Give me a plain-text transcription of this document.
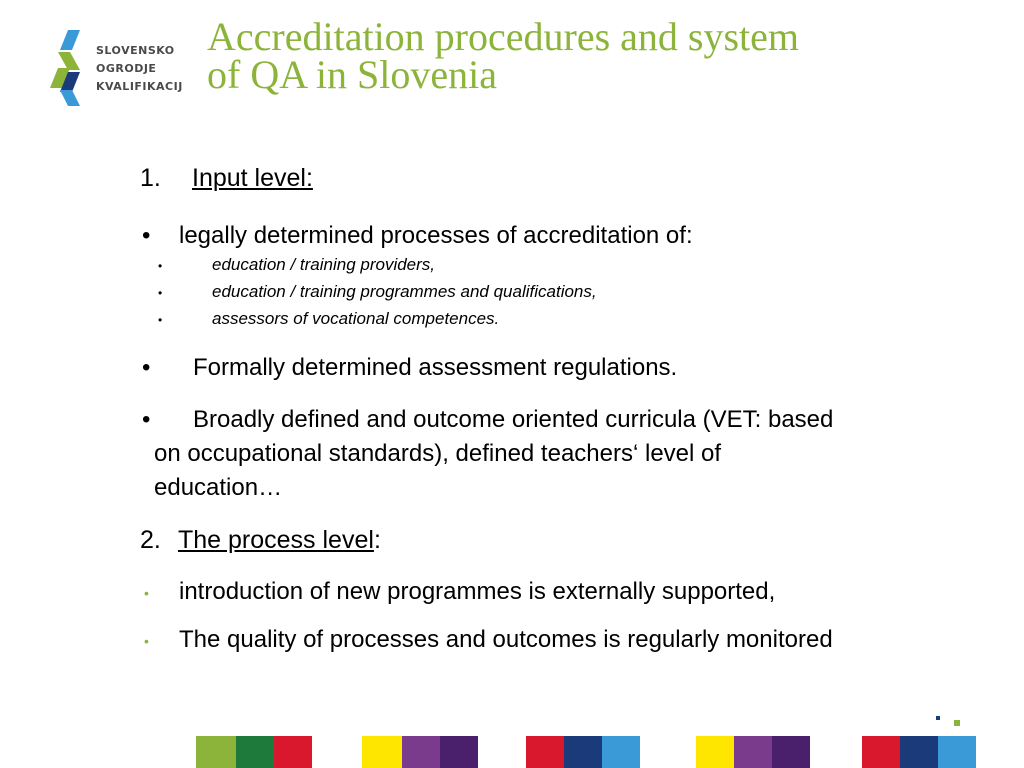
SLOVENSKO
OGRODJE
KVALIFIKACIJ
Accreditation procedures and system
of QA in Slovenia
1. Input level:
• legally determined processes of accreditation of:
•	education / training providers,
•	education / training programmes and qualifications,
•	assessors of vocational competences.
• Formally determined assessment regulations.
• Broadly defined and outcome oriented curricula (VET: based
on occupational standards), defined teachers‘ level of
education…
2. The process level:
• introduction of new programmes is externally supported,
• The quality of processes and outcomes is regularly monitored
